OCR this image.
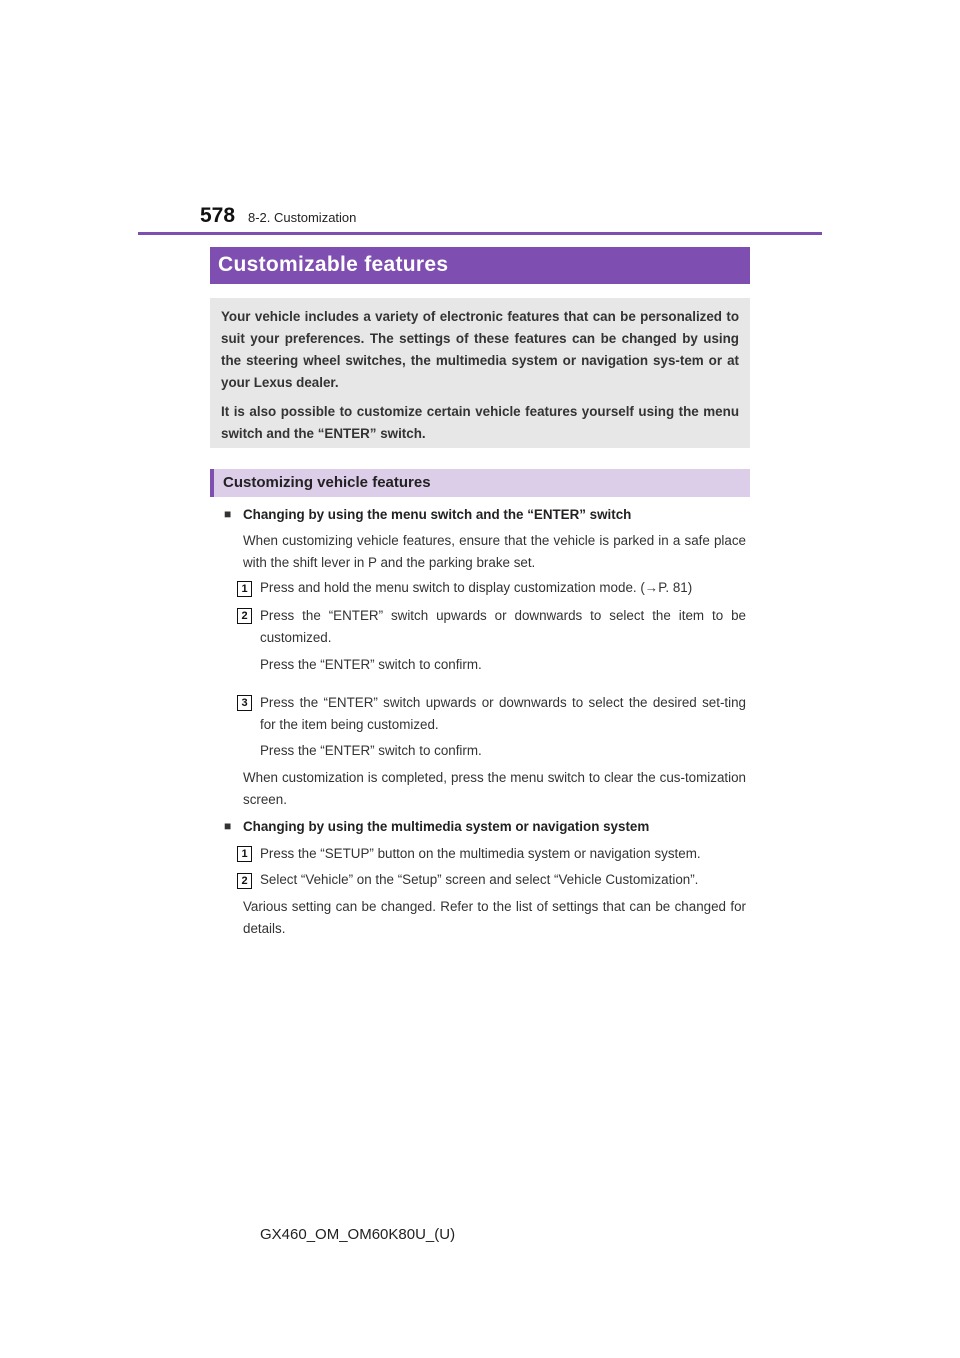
578 8-2. Customization
Customizable features

Your vehicle includes a variety of electronic features that can be personalized to suit your preferences. The settings of these features can be changed by using the steering wheel switches, the multimedia system or navigation sys-tem or at your Lexus dealer.

It is also possible to customize certain vehicle features yourself using the menu switch and the “ENTER” switch.

Customizing vehicle features
■ Changing by using the menu switch and the “ENTER” switch

When customizing vehicle features, ensure that the vehicle is parked in a safe place with the shift lever in P and the parking brake set.

1 Press and hold the menu switch to display customization mode. (→P. 81)

2 Press the “ENTER” switch upwards or downwards to select the item to be customized.

Press the “ENTER” switch to confirm.

3 Press the “ENTER” switch upwards or downwards to select the desired set-ting for the item being customized.

Press the “ENTER” switch to confirm.

When customization is completed, press the menu switch to clear the cus-tomization screen.

■ Changing by using the multimedia system or navigation system

1 Press the “SETUP” button on the multimedia system or navigation system.

2 Select “Vehicle” on the “Setup” screen and select “Vehicle Customization”.

Various setting can be changed. Refer to the list of settings that can be changed for details.

GX460_OM_OM60K80U_(U)
